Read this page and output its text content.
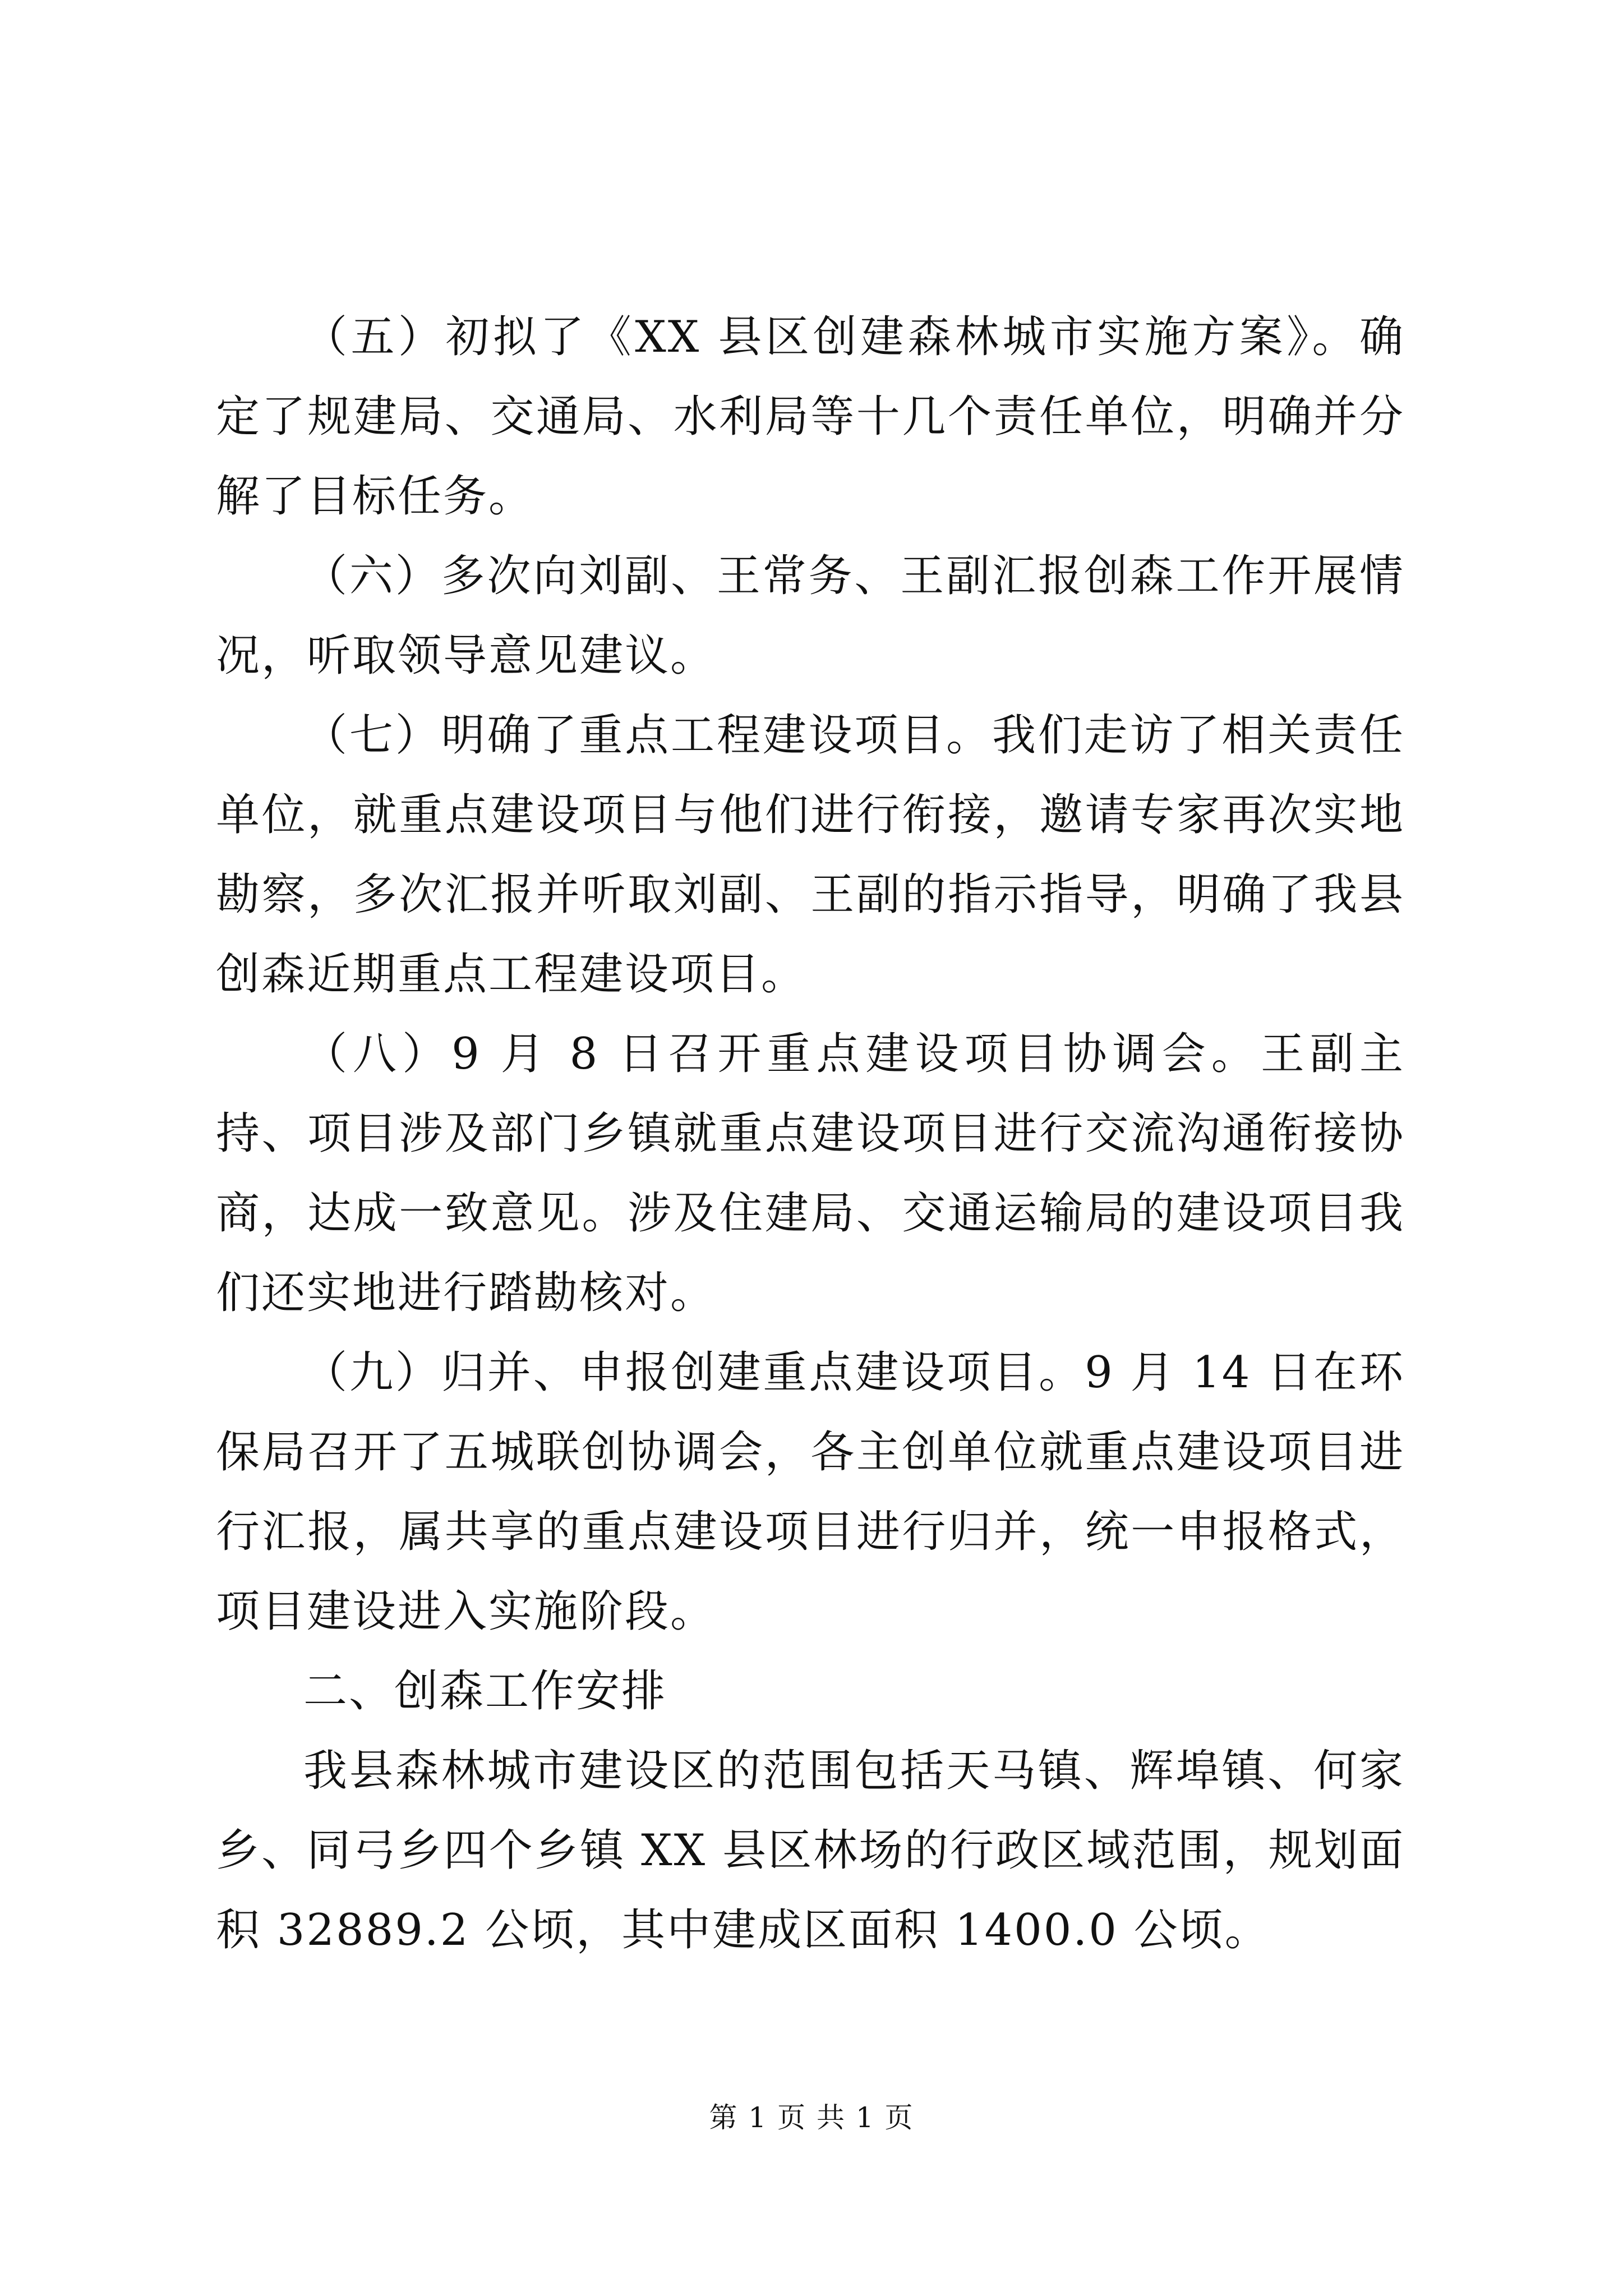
（五）初拟了《XX 县区创建森林城市实施方案》。确定了规建局、交通局、水利局等十几个责任单位，明确并分解了目标任务。

（六）多次向刘副、王常务、王副汇报创森工作开展情况，听取领导意见建议。

（七）明确了重点工程建设项目。我们走访了相关责任单位，就重点建设项目与他们进行衔接，邀请专家再次实地勘察，多次汇报并听取刘副、王副的指示指导，明确了我县创森近期重点工程建设项目。

（八）9 月 8 日召开重点建设项目协调会。王副主持、项目涉及部门乡镇就重点建设项目进行交流沟通衔接协商，达成一致意见。涉及住建局、交通运输局的建设项目我们还实地进行踏勘核对。

（九）归并、申报创建重点建设项目。9 月 14 日在环保局召开了五城联创协调会，各主创单位就重点建设项目进行汇报，属共享的重点建设项目进行归并，统一申报格式，项目建设进入实施阶段。

二、创森工作安排

我县森林城市建设区的范围包括天马镇、辉埠镇、何家乡、同弓乡四个乡镇 XX 县区林场的行政区域范围，规划面积 32889.2 公顷，其中建成区面积 1400.0 公顷。

第 1 页 共 1 页
